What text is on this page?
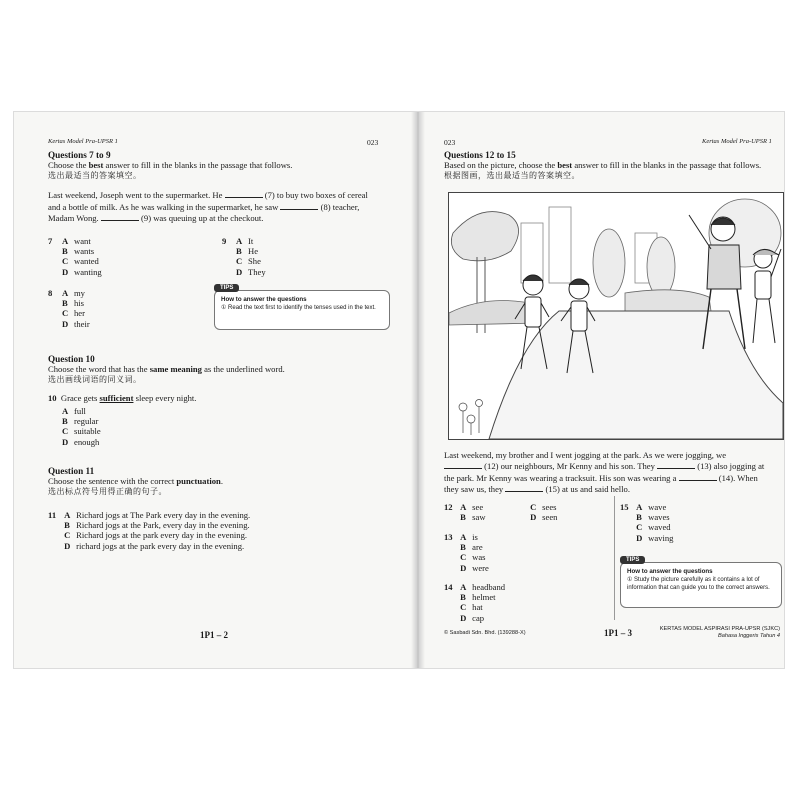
Kertas Model Pra-UPSR 1	023
Questions 7 to 9
Choose the best answer to fill in the blanks in the passage that follows.
选出最适当的答案填空。
Last weekend, Joseph went to the supermarket. He	(7) to buy two boxes of cereal
and a bottle of milk. As he was walking in the supermarket, he saw	(8) teacher,
Madam Wong.	(9) was queuing up at the checkout.
7 A want
B wants
C wanted
D wanting
8 A my
B his
C her
D their
9 A It
B He
C She
D They
TIPS
How to answer the questions
① Read the text first to identify the tenses used in the text.
Question 10
Choose the word that has the same meaning as the underlined word.
选出画线词语的同义词。
10 Grace gets sufficient sleep every night.
A full
B regular
C suitable
D enough
Question 11
Choose the sentence with the correct punctuation.
选出标点符号用得正确的句子。
11 A Richard jogs at The Park every day in the evening.
B Richard jogs at the Park, every day in the evening.
C Richard jogs at the park every day in the evening.
D richard jogs at the park every day in the evening.
1P1 – 2
023	Kertas Model Pra-UPSR 1
Questions 12 to 15
Based on the picture, choose the best answer to fill in the blanks in the passage that follows.
根据图画，选出最适当的答案填空。
Last weekend, my brother and I went jogging at the park. As we were jogging, we
(12) our neighbours, Mr Kenny and his son. They	(13) also jogging at
the park. Mr Kenny was wearing a tracksuit. His son was wearing a	(14). When
they saw us, they	(15) at us and said hello.
12 A see	C sees
B saw	D seen
13 A is
B are
C was
D were
14 A headband
B helmet
C hat
D cap
15 A wave
B waves
C waved
D waving
TIPS
How to answer the questions
① Study the picture carefully as it contains a lot of information that can guide you to the correct answers.
© Sasbadi Sdn. Bhd. (139288-X)	1P1 – 3	KERTAS MODEL ASPIRASI PRA-UPSR (SJKC)
Bahasa Inggeris Tahun 4
